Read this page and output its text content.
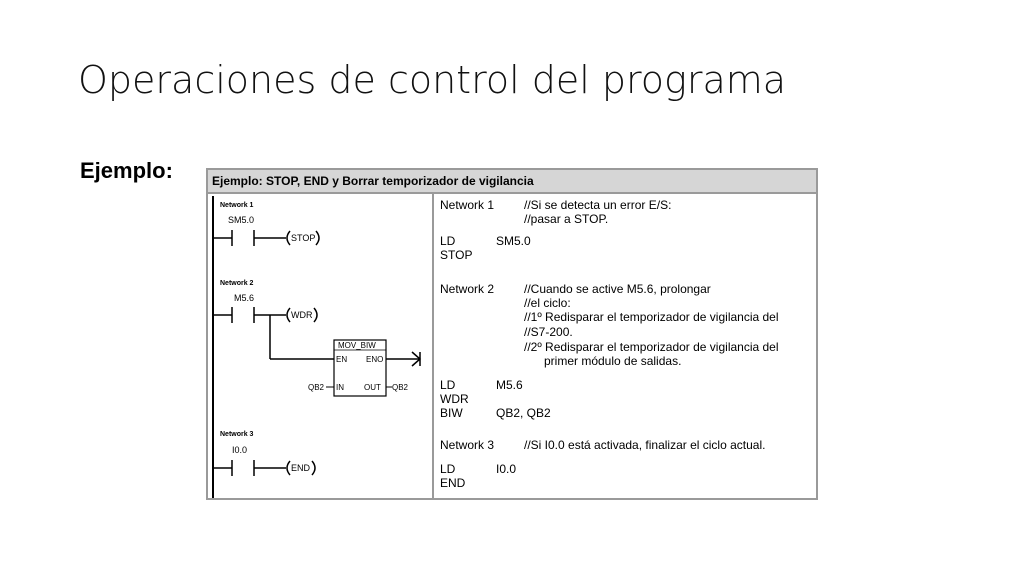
Operaciones de control del programa
Ejemplo:	Ejemplo: STOP, END y Borrar temporizador de vigilancia
Network 1
SM5.0
STOP
Network 2
M5.6
WDR
MOV_BIW
EN ENO
IN	OUT
QB2	QB2
Network 3
I0.0
END
Network 1 //Si se detecta un error E/S:
//pasar a STOP.
LD	SM5.0
STOP
Network 2 //Cuando se active M5.6, prolongar
//el ciclo:
//1º Redisparar el temporizador de vigilancia del
//S7-200.
//2º Redisparar el temporizador de vigilancia del
primer módulo de salidas.
LD	M5.6
WDR
BIW	QB2, QB2
Network 3 //Si I0.0 está activada, finalizar el ciclo actual.
LD	I0.0
END
